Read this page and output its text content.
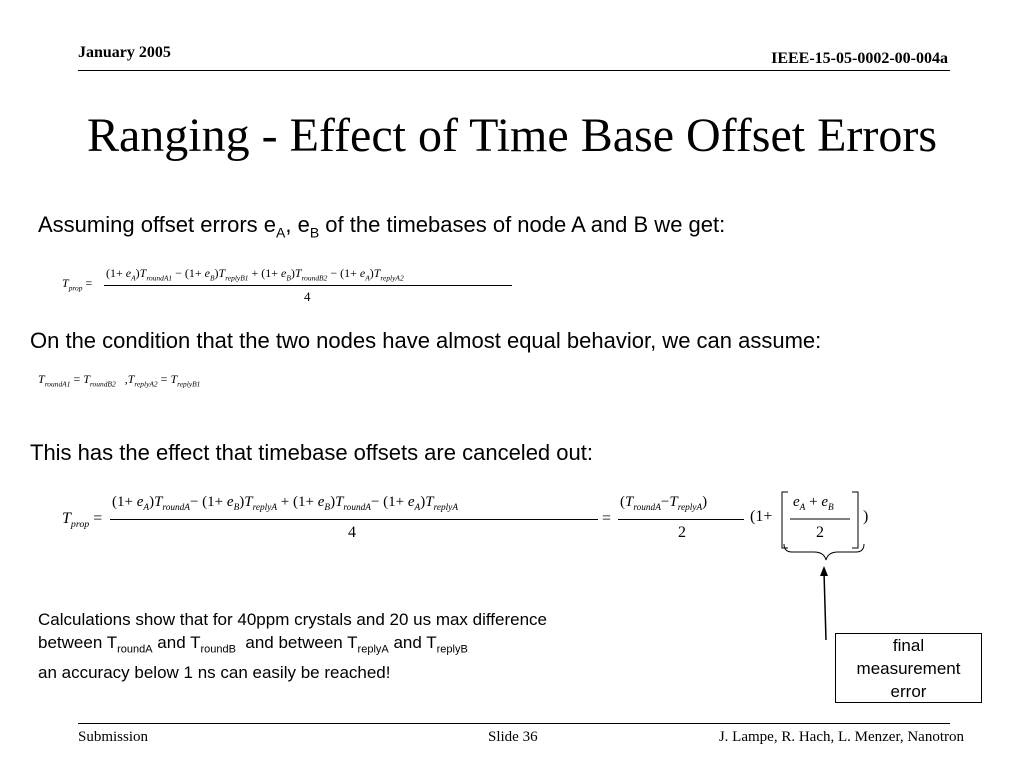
January 2005	IEEE-15-05-0002-00-004a
Ranging - Effect of Time Base Offset Errors
Assuming offset errors $e_A$, $e_B$ of the timebases of node A and B we get:
$T_{prop}$ =
$(1+ e_A)T_{roundA1} - (1+ e_B)T_{replyB1} + (1+ e_B)T_{roundB2} - (1+ e_A)T_{replyA2}$
4
On the condition that the two nodes have almost equal behavior, we can assume:
$T_{roundA1} = T_{roundB2}$ $,T_{replyA2} = T_{replyB1}$
This has the effect that timebase offsets are canceled out:
$T_{prop}$ =
$(1+ e_A)T_{roundA}- (1+ e_B)T_{replyA} + (1+ e_B)T_{roundA}- (1+ e_A)T_{replyA}$
4
=
$(T_{roundA}-T_{replyA})$
2
(1+
$e_A + e_B$
2
)
Calculations show that for 40ppm crystals and 20 us max difference
between $T_{roundA}$ and $T_{roundB}$  and between $T_{replyA}$ and $T_{replyB}$
an accuracy below 1 ns can easily be reached!
final
measurement
error
Submission	Slide 36	J. Lampe, R. Hach, L. Menzer, Nanotron
